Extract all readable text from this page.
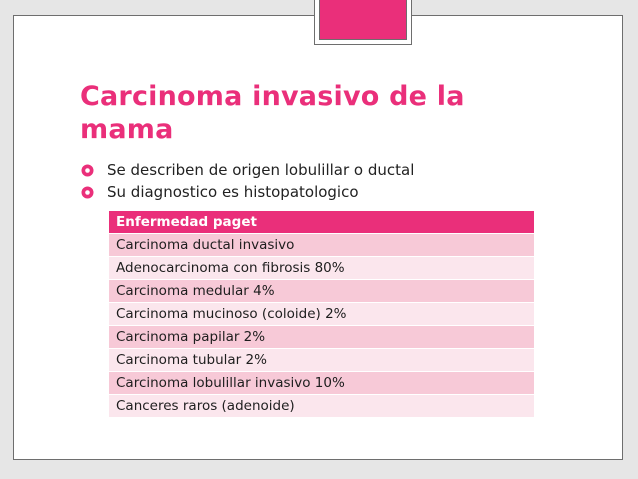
Carcinoma invasivo de la mama
Se describen de origen lobulillar o ductal
Su diagnostico es histopatologico
Enfermedad paget
Carcinoma ductal invasivo
Adenocarcinoma con fibrosis 80%
Carcinoma medular 4%
Carcinoma mucinoso (coloide) 2%
Carcinoma papilar 2%
Carcinoma tubular 2%
Carcinoma lobulillar invasivo 10%
Canceres raros (adenoide)
